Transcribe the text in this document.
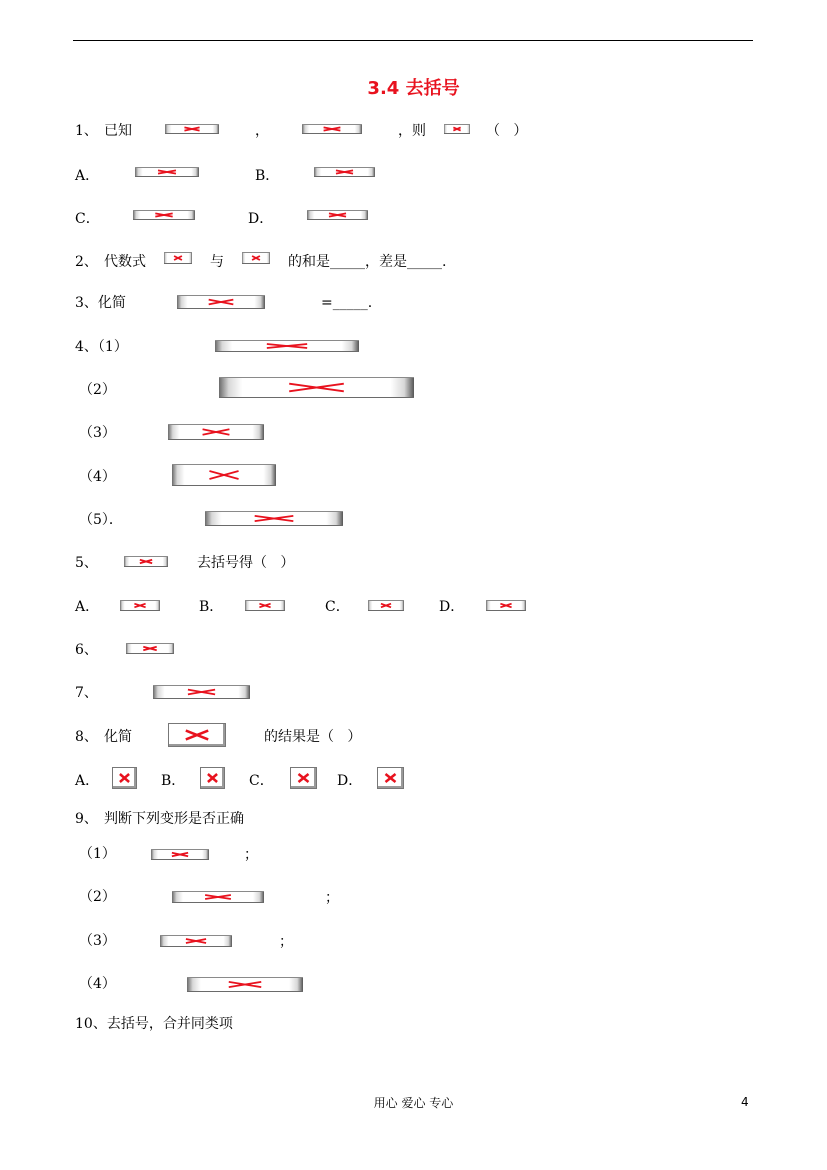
3.4 去括号
1、 已知	，	，则	（   ）
A．	B．
C．	D．
2、 代数式	与	的和是_____，差是_____.
3、化简	=_____.
4、（1）
（2）
（3）
（4）
（5）．
5、	去括号得（   ）
A．	B．	C．	D．
6、
7、
8、 化简	的结果是（   ）
A．	B．	C．	D．
9、 判断下列变形是否正确
（1）	；
（2）	；
（3）	；
（4）
10、去括号，合并同类项
用心 爱心 专心	4
